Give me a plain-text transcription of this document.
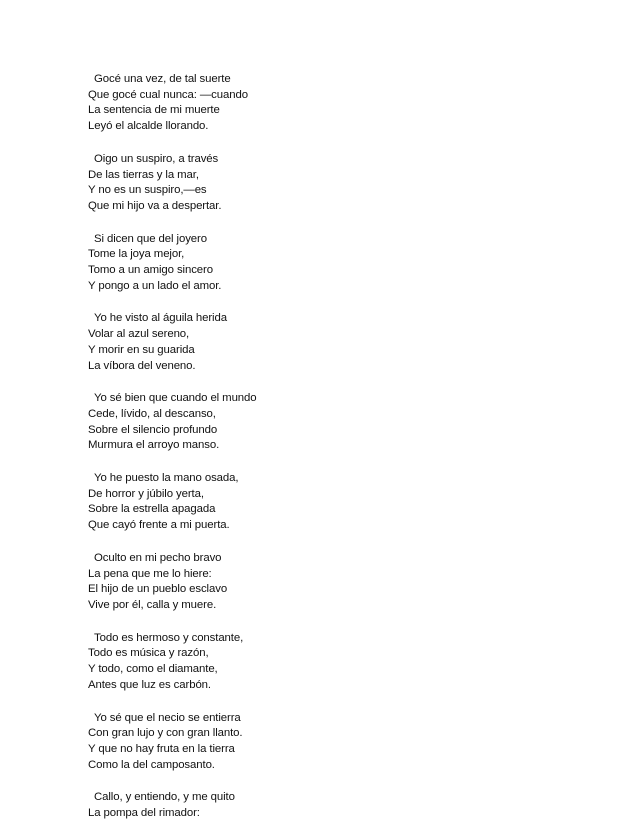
Gocé una vez, de tal suerte
Que gocé cual nunca: —cuando
La sentencia de mi muerte
Leyó el alcalde llorando.
Oigo un suspiro, a través
De las tierras y la mar,
Y no es un suspiro,—es
Que mi hijo va a despertar.
Si dicen que del joyero
Tome la joya mejor,
Tomo a un amigo sincero
Y pongo a un lado el amor.
Yo he visto al águila herida
Volar al azul sereno,
Y morir en su guarida
La víbora del veneno.
Yo sé bien que cuando el mundo
Cede, lívido, al descanso,
Sobre el silencio profundo
Murmura el arroyo manso.
Yo he puesto la mano osada,
De horror y júbilo yerta,
Sobre la estrella apagada
Que cayó frente a mi puerta.
Oculto en mi pecho bravo
La pena que me lo hiere:
El hijo de un pueblo esclavo
Vive por él, calla y muere.
Todo es hermoso y constante,
Todo es música y razón,
Y todo, como el diamante,
Antes que luz es carbón.
Yo sé que el necio se entierra
Con gran lujo y con gran llanto.
Y que no hay fruta en la tierra
Como la del camposanto.
Callo, y entiendo, y me quito
La pompa del rimador:
